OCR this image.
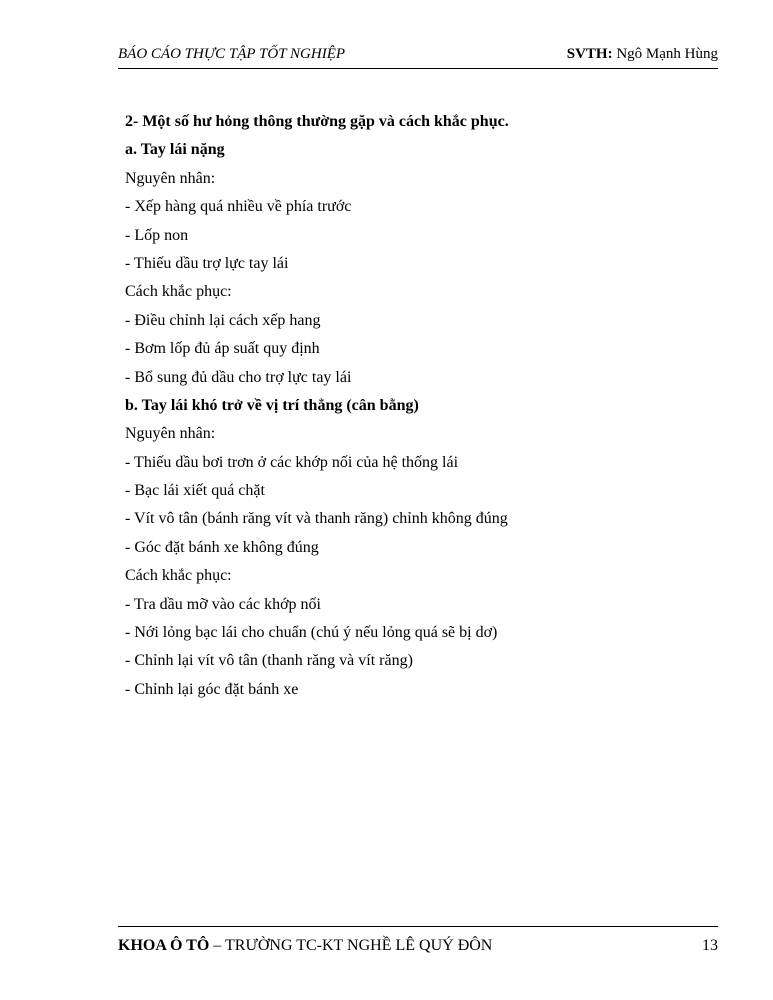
BÁO CÁO THỰC TẬP TỐT NGHIỆP	SVTH: Ngô Mạnh Hùng
2- Một số hư hỏng thông thường gặp và cách khắc phục.
a. Tay lái nặng
Nguyên nhân:
- Xếp hàng quá nhiều về phía trước
- Lốp non
- Thiếu dầu trợ lực tay lái
Cách khắc phục:
- Điều chỉnh lại cách xếp hang
- Bơm lốp đủ áp suất quy định
- Bổ sung đủ dầu cho trợ lực tay lái
b. Tay lái khó trở về vị trí thẳng (cân bằng)
Nguyên nhân:
- Thiếu dầu bơi trơn ở các khớp nối của hệ thống lái
- Bạc lái xiết quá chặt
- Vít vô tân (bánh răng vít và thanh răng) chỉnh không đúng
- Góc đặt bánh xe không đúng
Cách khắc phục:
- Tra dầu mỡ vào các khớp nối
- Nới lỏng bạc lái cho chuẩn (chú ý nếu lỏng quá sẽ bị dơ)
- Chỉnh lại vít vô tân (thanh răng và vít răng)
- Chỉnh lại góc đặt bánh xe
KHOA Ô TÔ – TRƯỜNG TC-KT NGHỀ LÊ QUÝ ĐÔN	13
